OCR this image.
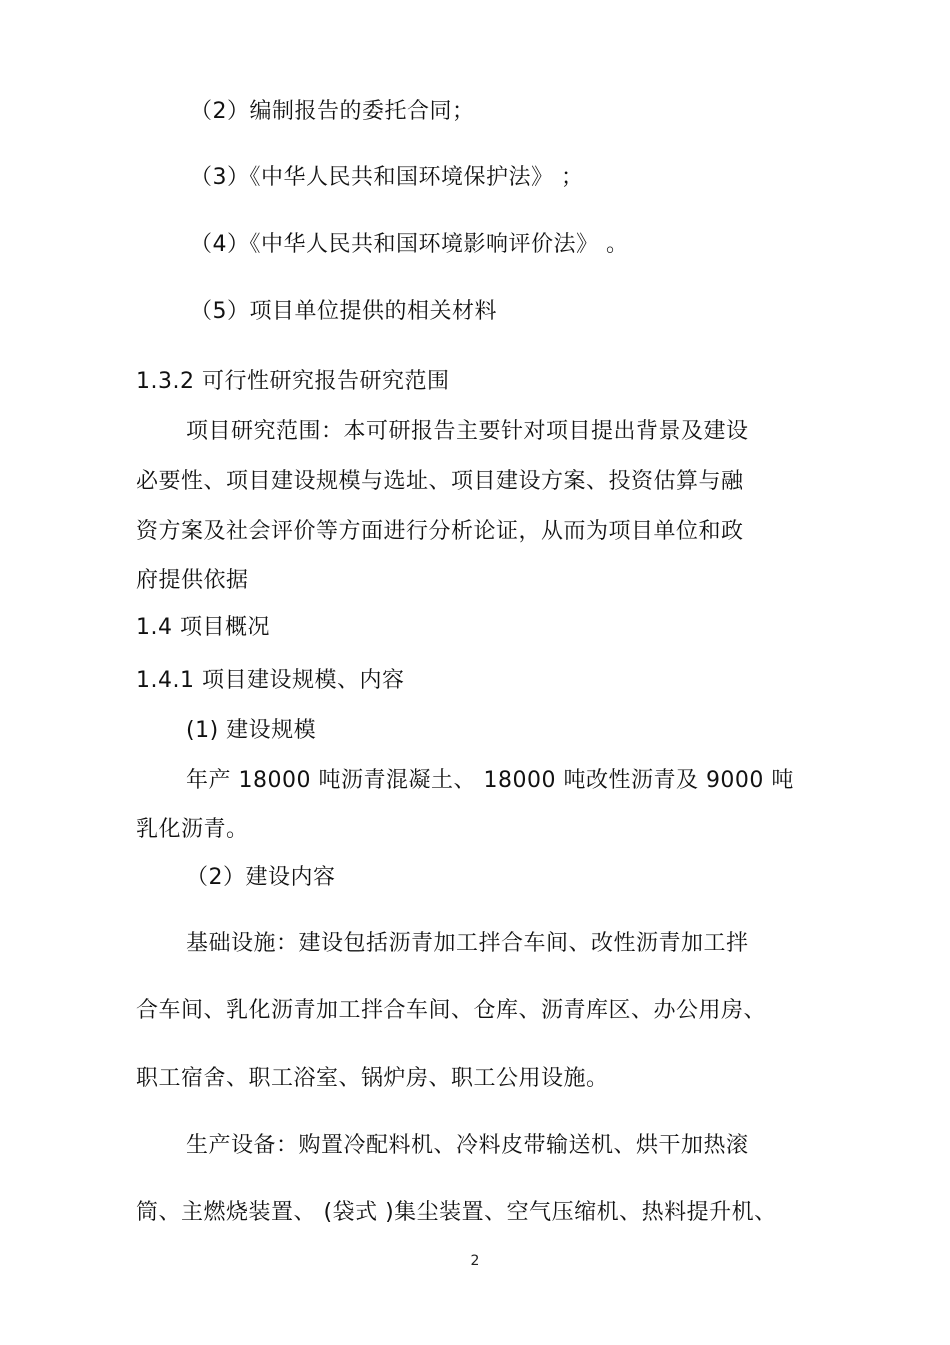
（2）编制报告的委托合同；
（3）《中华人民共和国环境保护法》 ；
（4）《中华人民共和国环境影响评价法》 。
（5）项目单位提供的相关材料
1.3.2 可行性研究报告研究范围
项目研究范围：本可研报告主要针对项目提出背景及建设
必要性、项目建设规模与选址、项目建设方案、投资估算与融
资方案及社会评价等方面进行分析论证，从而为项目单位和政
府提供依据
1.4 项目概况
1.4.1 项目建设规模、内容
(1) 建设规模
年产 18000 吨沥青混凝土、 18000 吨改性沥青及 9000 吨
乳化沥青。
（2）建设内容
基础设施：建设包括沥青加工拌合车间、改性沥青加工拌
合车间、乳化沥青加工拌合车间、仓库、沥青库区、办公用房、
职工宿舍、职工浴室、锅炉房、职工公用设施。
生产设备：购置冷配料机、冷料皮带输送机、烘干加热滚
筒、主燃烧装置、 (袋式 )集尘装置、空气压缩机、热料提升机、
2
